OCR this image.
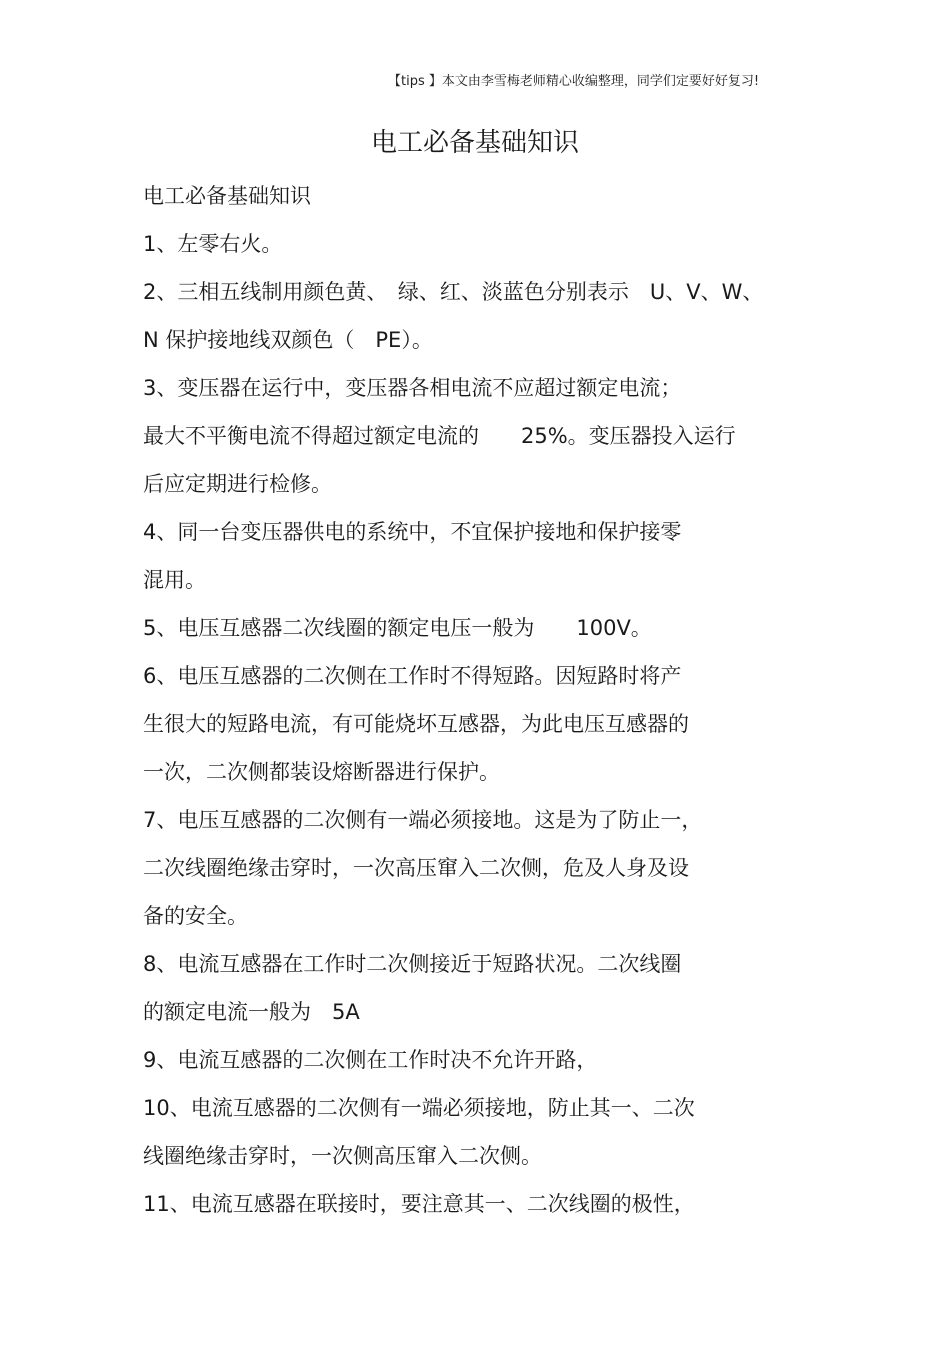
【tips 】本文由李雪梅老师精心收编整理，同学们定要好好复习!
电工必备基础知识
电工必备基础知识
1、左零右火。
2、三相五线制用颜色黄、　绿、红、淡蓝色分别表示　U、V、W、
N 保护接地线双颜色（　PE）。
3、变压器在运行中，变压器各相电流不应超过额定电流；
最大不平衡电流不得超过额定电流的　　25%。变压器投入运行
后应定期进行检修。
4、同一台变压器供电的系统中，不宜保护接地和保护接零
混用。
5、电压互感器二次线圈的额定电压一般为　　100V。
6、电压互感器的二次侧在工作时不得短路。因短路时将产
生很大的短路电流，有可能烧坏互感器，为此电压互感器的
一次，二次侧都装设熔断器进行保护。
7、电压互感器的二次侧有一端必须接地。这是为了防止一，
二次线圈绝缘击穿时，一次高压窜入二次侧，危及人身及设
备的安全。
8、电流互感器在工作时二次侧接近于短路状况。二次线圈
的额定电流一般为　5A
9、电流互感器的二次侧在工作时决不允许开路，
10、电流互感器的二次侧有一端必须接地，防止其一、二次
线圈绝缘击穿时，一次侧高压窜入二次侧。
11、电流互感器在联接时，要注意其一、二次线圈的极性，
